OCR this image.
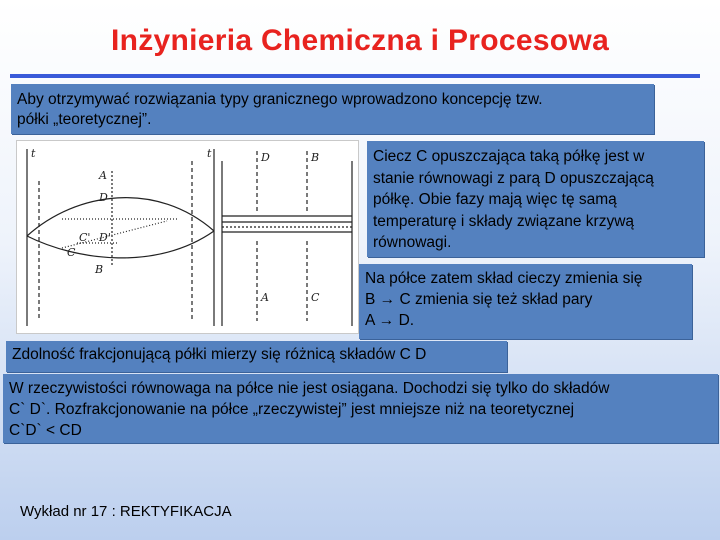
Inżynieria Chemiczna i Procesowa
Aby otrzymywać rozwiązania typy granicznego wprowadzono koncepcję tzw.
półki „teoretycznej”.
t
A
D
D'
C'
C
B
t	D	B
A	C
Ciecz C opuszczająca taką półkę jest w
stanie równowagi z parą D opuszczającą
półkę. Obie fazy mają więc tę samą
temperaturę i składy związane krzywą
równowagi.
Na półce zatem skład cieczy zmienia się
B → C zmienia się też skład pary
A → D.
Zdolność frakcjonującą półki mierzy się różnicą składów C D
W rzeczywistości równowaga na półce nie jest osiągana. Dochodzi się tylko do składów
C` D`. Rozfrakcjonowanie na półce „rzeczywistej” jest mniejsze niż na teoretycznej
C`D` < CD
Wykład nr 17 : REKTYFIKACJA
